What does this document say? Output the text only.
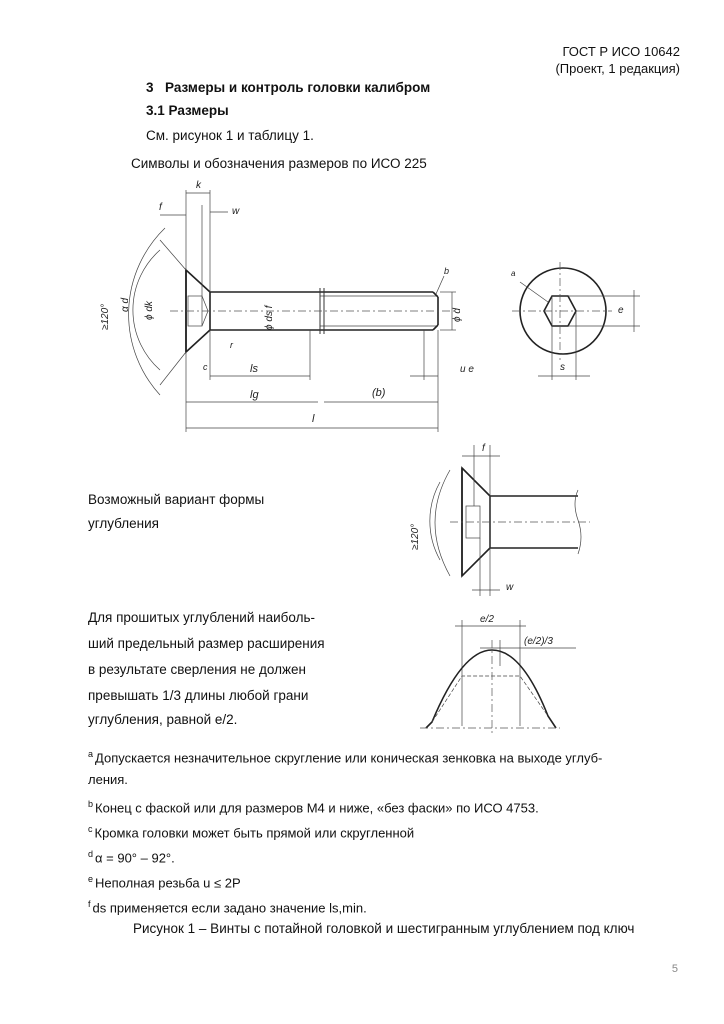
ГОСТ Р ИСО 10642
(Проект, 1 редакция)
3 Размеры и контроль головки калибром
3.1 Размеры
См. рисунок 1 и таблицу 1.
Символы и обозначения размеров по ИСО 225
k
f	w
≥120° α d ϕ dk	ϕ ds f	ϕ d
b
r
c	ls
lg	(b)
l
u e
a
s
e
Возможный вариант формы
углубления
≥120°
f
w
Для прошитых углублений наиболь-
ший предельный размер расширения
в результате сверления не должен
превышать 1/3 длины любой грани
углубления, равной e/2.
e/2
(e/2)/3
$^a$ Допускается незначительное скругление или коническая зенковка на выходе углуб-
ления.
$^b$ Конец с фаской или для размеров М4 и ниже, «без фаски» по ИСО 4753.
$^c$ Кромка головки может быть прямой или скругленной
$^d$ α = 90° – 92°.
$^e$ Неполная резьба u ≤ 2P
$^f$ ds применяется если задано значение ls,min.
Рисунок 1 – Винты с потайной головкой и шестигранным углублением под ключ
5
